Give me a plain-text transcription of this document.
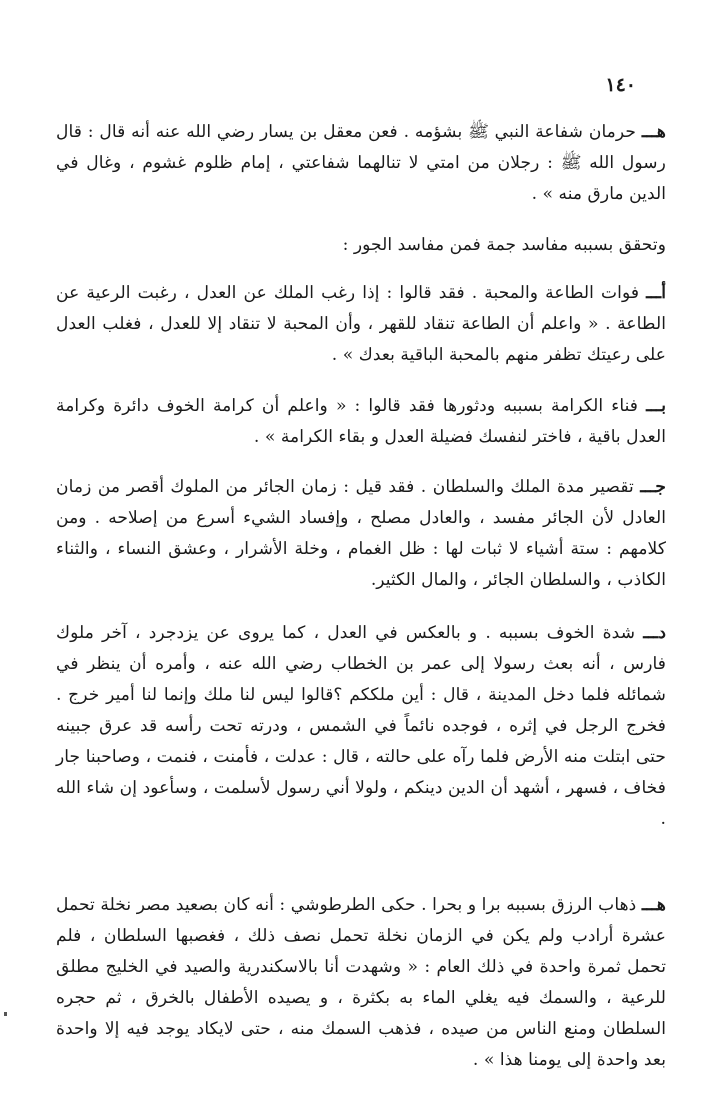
١٤٠

هـــ حرمان شفاعة النبي ﷺ بشؤمه . فعن معقل بن يسار رضي الله عنه أنه قال : قال رسول الله ﷺ : رجلان من امتي لا تنالهما شفاعتي ، إمام ظلوم غشوم ، وغال في الدين مارق منه » .

وتحقق بسببه مفاسد جمة فمن مفاسد الجور :

أـــ فوات الطاعة والمحبة . فقد قالوا : إذا رغب الملك عن العدل ، رغبت الرعية عن الطاعة . « واعلم أن الطاعة تنقاد للقهر ، وأن المحبة لا تنقاد إلا للعدل ، فغلب العدل على رعيتك تظفر منهم بالمحبة الباقية بعدك » .

بـــ فناء الكرامة بسببه ودثورها فقد قالوا : « واعلم أن كرامة الخوف دائرة وكرامة العدل باقية ، فاختر لنفسك فضيلة العدل و بقاء الكرامة » .

جـــ تقصير مدة الملك والسلطان . فقد قيل : زمان الجائر من الملوك أقصر من زمان العادل لأن الجائر مفسد ، والعادل مصلح ، وإفساد الشيء أسرع من إصلاحه . ومن كلامهم : ستة أشياء لا ثبات لها : ظل الغمام ، وخلة الأشرار ، وعشق النساء ، والثناء الكاذب ، والسلطان الجائر ، والمال الكثير.

دـــ شدة الخوف بسببه . و بالعكس في العدل ، كما يروى عن يزدجرد ، آخر ملوك فارس ، أنه بعث رسولا إلى عمر بن الخطاب رضي الله عنه ، وأمره أن ينظر في شمائله فلما دخل المدينة ، قال : أين ملككم ؟قالوا ليس لنا ملك وإنما لنا أمير خرج . فخرج الرجل في إثره ، فوجده نائماً في الشمس ، ودرته تحت رأسه قد عرق جبينه حتى ابتلت منه الأرض فلما رآه على حالته ، قال : عدلت ، فأمنت ، فنمت ، وصاحبنا جار فخاف ، فسهر ، أشهد أن الدين دينكم ، ولولا أني رسول لأسلمت ، وسأعود إن شاء الله .

هـــ ذهاب الرزق بسببه برا و بحرا . حكى الطرطوشي : أنه كان بصعيد مصر نخلة تحمل عشرة أرادب ولم يكن في الزمان نخلة تحمل نصف ذلك ، فغصبها السلطان ، فلم تحمل ثمرة واحدة في ذلك العام : « وشهدت أنا بالاسكندرية والصيد في الخليج مطلق للرعية ، والسمك فيه يغلي الماء به بكثرة ، و يصيده الأطفال بالخرق ، ثم حجره السلطان ومنع الناس من صيده ، فذهب السمك منه ، حتى لايكاد يوجد فيه إلا واحدة بعد واحدة إلى يومنا هذا » .
